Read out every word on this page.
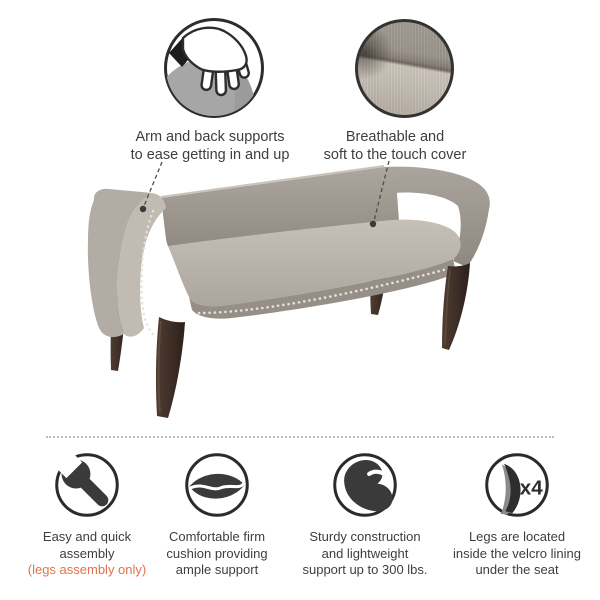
Arm and back supports
to ease getting in and up
Breathable and
soft to the touch cover
Easy and quick
assembly
(legs assembly only)
Comfortable firm
cushion providing
ample support
Sturdy construction
and lightweight
support up to 300 lbs.
x4
Legs are located
inside the velcro lining
under the seat
